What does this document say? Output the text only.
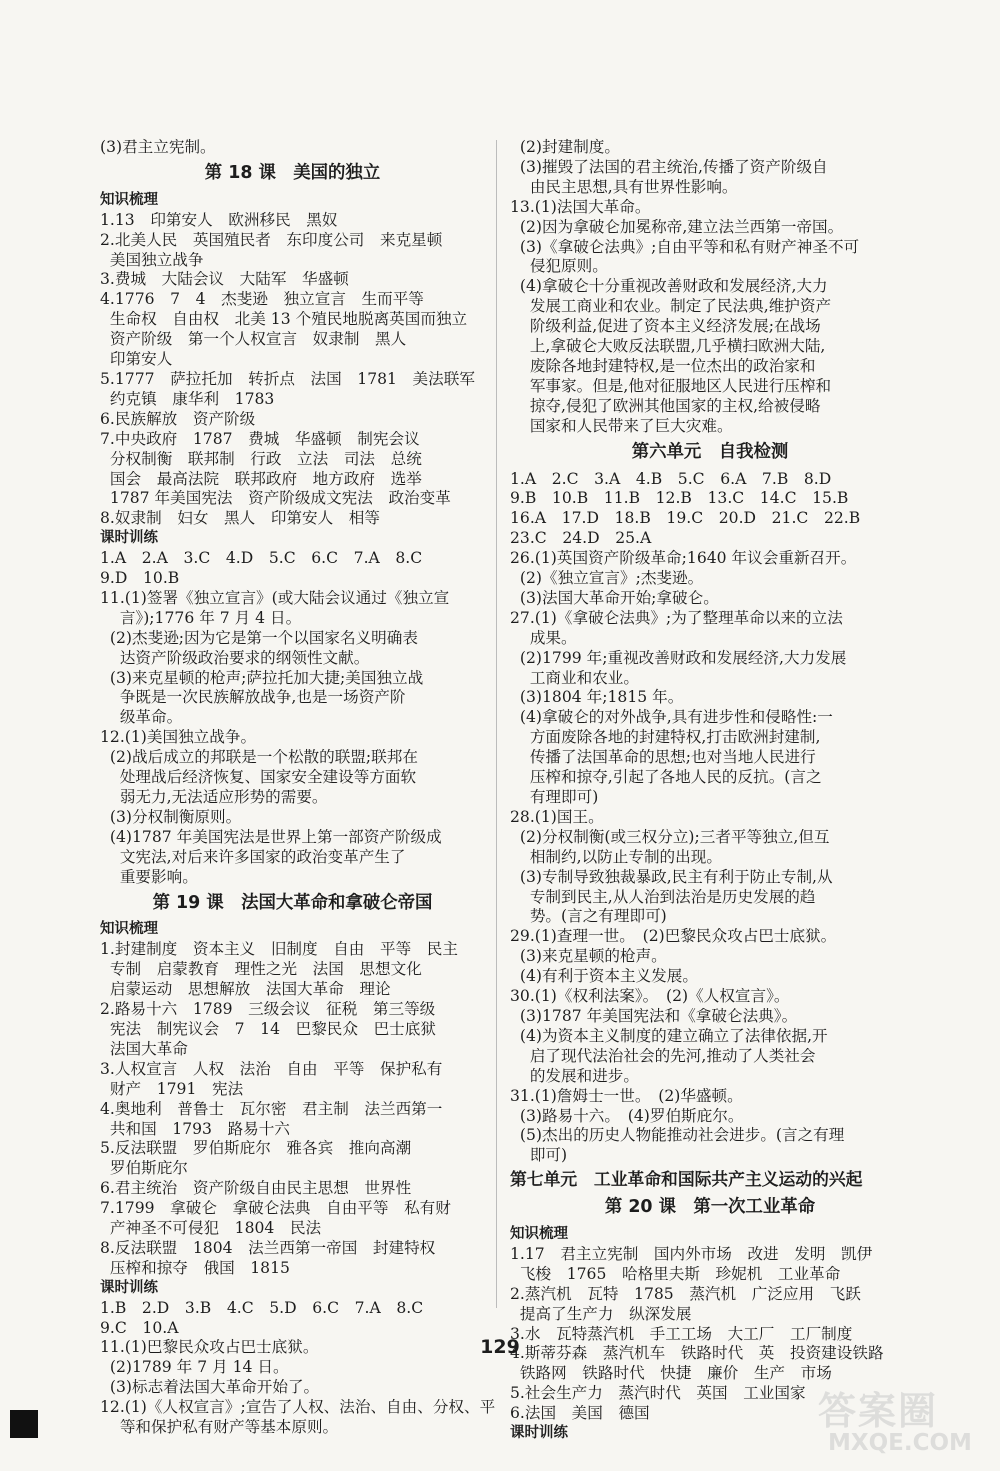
(3)君主立宪制。
第 18 课　美国的独立
知识梳理
1.13　印第安人　欧洲移民　黑奴
2.北美人民　英国殖民者　东印度公司　来克星顿
美国独立战争
3.费城　大陆会议　大陆军　华盛顿
4.1776　7　4　杰斐逊　独立宣言　生而平等
生命权　自由权　北美 13 个殖民地脱离英国而独立
资产阶级　第一个人权宣言　奴隶制　黑人
印第安人
5.1777　萨拉托加　转折点　法国　1781　美法联军
约克镇　康华利　1783
6.民族解放　资产阶级
7.中央政府　1787　费城　华盛顿　制宪会议
分权制衡　联邦制　行政　立法　司法　总统
国会　最高法院　联邦政府　地方政府　选举
1787 年美国宪法　资产阶级成文宪法　政治变革
8.奴隶制　妇女　黑人　印第安人　相等
课时训练
1.A　2.A　3.C　4.D　5.C　6.C　7.A　8.C
9.D　10.B
11.(1)签署《独立宣言》(或大陆会议通过《独立宣
言》);1776 年 7 月 4 日。
(2)杰斐逊;因为它是第一个以国家名义明确表
达资产阶级政治要求的纲领性文献。
(3)来克星顿的枪声;萨拉托加大捷;美国独立战
争既是一次民族解放战争,也是一场资产阶
级革命。
12.(1)美国独立战争。
(2)战后成立的邦联是一个松散的联盟;联邦在
处理战后经济恢复、国家安全建设等方面软
弱无力,无法适应形势的需要。
(3)分权制衡原则。
(4)1787 年美国宪法是世界上第一部资产阶级成
文宪法,对后来许多国家的政治变革产生了
重要影响。
第 19 课　法国大革命和拿破仑帝国
知识梳理
1.封建制度　资本主义　旧制度　自由　平等　民主
专制　启蒙教育　理性之光　法国　思想文化
启蒙运动　思想解放　法国大革命　理论
2.路易十六　1789　三级会议　征税　第三等级
宪法　制宪议会　7　14　巴黎民众　巴士底狱
法国大革命
3.人权宣言　人权　法治　自由　平等　保护私有
财产　1791　宪法
4.奥地利　普鲁士　瓦尔密　君主制　法兰西第一
共和国　1793　路易十六
5.反法联盟　罗伯斯庇尔　雅各宾　推向高潮
罗伯斯庇尔
6.君主统治　资产阶级自由民主思想　世界性
7.1799　拿破仑　拿破仑法典　自由平等　私有财
产神圣不可侵犯　1804　民法
8.反法联盟　1804　法兰西第一帝国　封建特权
压榨和掠夺　俄国　1815
课时训练
1.B　2.D　3.B　4.C　5.D　6.C　7.A　8.C
9.C　10.A
11.(1)巴黎民众攻占巴士底狱。
(2)1789 年 7 月 14 日。
(3)标志着法国大革命开始了。
12.(1)《人权宣言》;宣告了人权、法治、自由、分权、平
等和保护私有财产等基本原则。
(2)封建制度。
(3)摧毁了法国的君主统治,传播了资产阶级自
由民主思想,具有世界性影响。
13.(1)法国大革命。
(2)因为拿破仑加冕称帝,建立法兰西第一帝国。
(3)《拿破仑法典》;自由平等和私有财产神圣不可
侵犯原则。
(4)拿破仑十分重视改善财政和发展经济,大力
发展工商业和农业。制定了民法典,维护资产
阶级利益,促进了资本主义经济发展;在战场
上,拿破仑大败反法联盟,几乎横扫欧洲大陆,
废除各地封建特权,是一位杰出的政治家和
军事家。但是,他对征服地区人民进行压榨和
掠夺,侵犯了欧洲其他国家的主权,给被侵略
国家和人民带来了巨大灾难。
第六单元　自我检测
1.A　2.C　3.A　4.B　5.C　6.A　7.B　8.D
9.B　10.B　11.B　12.B　13.C　14.C　15.B
16.A　17.D　18.B　19.C　20.D　21.C　22.B
23.C　24.D　25.A
26.(1)英国资产阶级革命;1640 年议会重新召开。
(2)《独立宣言》;杰斐逊。
(3)法国大革命开始;拿破仑。
27.(1)《拿破仑法典》;为了整理革命以来的立法
成果。
(2)1799 年;重视改善财政和发展经济,大力发展
工商业和农业。
(3)1804 年;1815 年。
(4)拿破仑的对外战争,具有进步性和侵略性:一
方面废除各地的封建特权,打击欧洲封建制,
传播了法国革命的思想;也对当地人民进行
压榨和掠夺,引起了各地人民的反抗。(言之
有理即可)
28.(1)国王。
(2)分权制衡(或三权分立);三者平等独立,但互
相制约,以防止专制的出现。
(3)专制导致独裁暴政,民主有利于防止专制,从
专制到民主,从人治到法治是历史发展的趋
势。(言之有理即可)
29.(1)查理一世。　(2)巴黎民众攻占巴士底狱。
(3)来克星顿的枪声。
(4)有利于资本主义发展。
30.(1)《权利法案》。　(2)《人权宣言》。
(3)1787 年美国宪法和《拿破仑法典》。
(4)为资本主义制度的建立确立了法律依据,开
启了现代法治社会的先河,推动了人类社会
的发展和进步。
31.(1)詹姆士一世。　(2)华盛顿。
(3)路易十六。　(4)罗伯斯庇尔。
(5)杰出的历史人物能推动社会进步。(言之有理
即可)
第七单元　工业革命和国际共产主义运动的兴起
第 20 课　第一次工业革命
知识梳理
1.17　君主立宪制　国内外市场　改进　发明　凯伊
飞梭　1765　哈格里夫斯　珍妮机　工业革命
2.蒸汽机　瓦特　1785　蒸汽机　广泛应用　飞跃
提高了生产力　纵深发展
3.水　瓦特蒸汽机　手工工场　大工厂　工厂制度
4.斯蒂芬森　蒸汽机车　铁路时代　英　投资建设铁路
铁路网　铁路时代　快捷　廉价　生产　市场
5.社会生产力　蒸汽时代　英国　工业国家
6.法国　美国　德国
课时训练
129
答案圈
MXQE.COM
